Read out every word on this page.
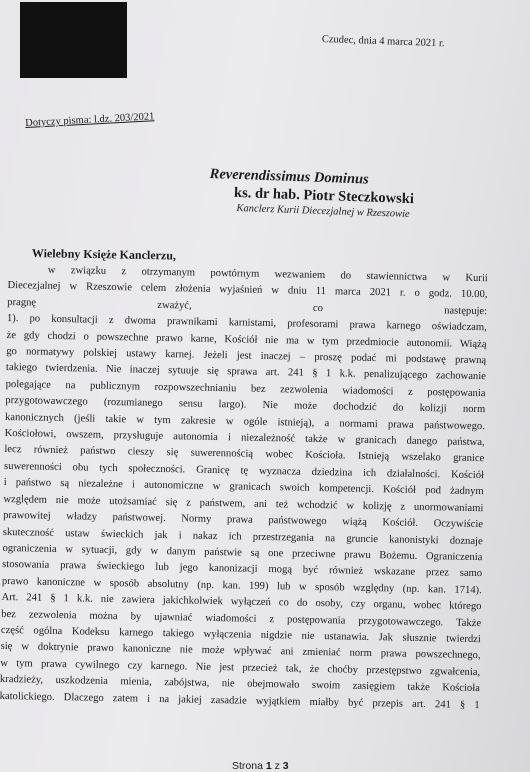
Czudec, dnia 4 marca 2021 r.
Dotyczy pisma: l.dz. 203/2021
Reverendissimus Dominus
ks. dr hab. Piotr Steczkowski
Kanclerz Kurii Diecezjalnej w Rzeszowie
Wielebny Księże Kanclerzu,
w związku z otrzymanym powtórnym wezwaniem do stawiennictwa w Kurii
Diecezjalnej w Rzeszowie celem złożenia wyjaśnień w dniu 11 marca 2021 r. o godz. 10.00,
pragnę zważyć, co następuje:
1). po konsultacji z dwoma prawnikami karnistami, profesorami prawa karnego oświadczam,
że gdy chodzi o powszechne prawo karne, Kościół nie ma w tym przedmiocie autonomii. Wiążą
go normatywy polskiej ustawy karnej. Jeżeli jest inaczej – proszę podać mi podstawę prawną
takiego twierdzenia. Nie inaczej sytuuje się sprawa art. 241 § 1 k.k. penalizującego zachowanie
polegające na publicznym rozpowszechnianiu bez zezwolenia wiadomości z postępowania
przygotowawczego (rozumianego sensu largo). Nie może dochodzić do kolizji norm
kanonicznych (jeśli takie w tym zakresie w ogóle istnieją), a normami prawa państwowego.
Kościołowi, owszem, przysługuje autonomia i niezależność także w granicach danego państwa,
lecz również państwo cieszy się suwerennością wobec Kościoła. Istnieją wszelako granice
suwerenności obu tych społeczności. Granicę tę wyznacza dziedzina ich działalności. Kościół
i państwo są niezależne i autonomiczne w granicach swoich kompetencji. Kościół pod żadnym
względem nie może utożsamiać się z państwem, ani też wchodzić w kolizję z unormowaniami
prawowitej władzy państwowej. Normy prawa państwowego wiążą Kościół. Oczywiście
skuteczność ustaw świeckich jak i nakaz ich przestrzegania na gruncie kanonistyki doznaje
ograniczenia w sytuacji, gdy w danym państwie są one przeciwne prawu Bożemu. Ograniczenia
stosowania prawa świeckiego lub jego kanonizacji mogą być również wskazane przez samo
prawo kanoniczne w sposób absolutny (np. kan. 199) lub w sposób względny (np. kan. 1714).
Art. 241 § 1 k.k. nie zawiera jakichkolwiek wyłączeń co do osoby, czy organu, wobec którego
bez zezwolenia można by ujawniać wiadomości z postępowania przygotowawczego. Także
część ogólna Kodeksu karnego takiego wyłączenia nigdzie nie ustanawia. Jak słusznie twierdzi
się w doktrynie prawo kanoniczne nie może wpływać ani zmieniać norm prawa powszechnego,
w tym prawa cywilnego czy karnego. Nie jest przecież tak, że choćby przestępstwo zgwałcenia,
kradzieży, uszkodzenia mienia, zabójstwa, nie obejmowało swoim zasięgiem także Kościoła
katolickiego. Dlaczego zatem i na jakiej zasadzie wyjątkiem miałby być przepis art. 241 § 1
Strona 1 z 3
